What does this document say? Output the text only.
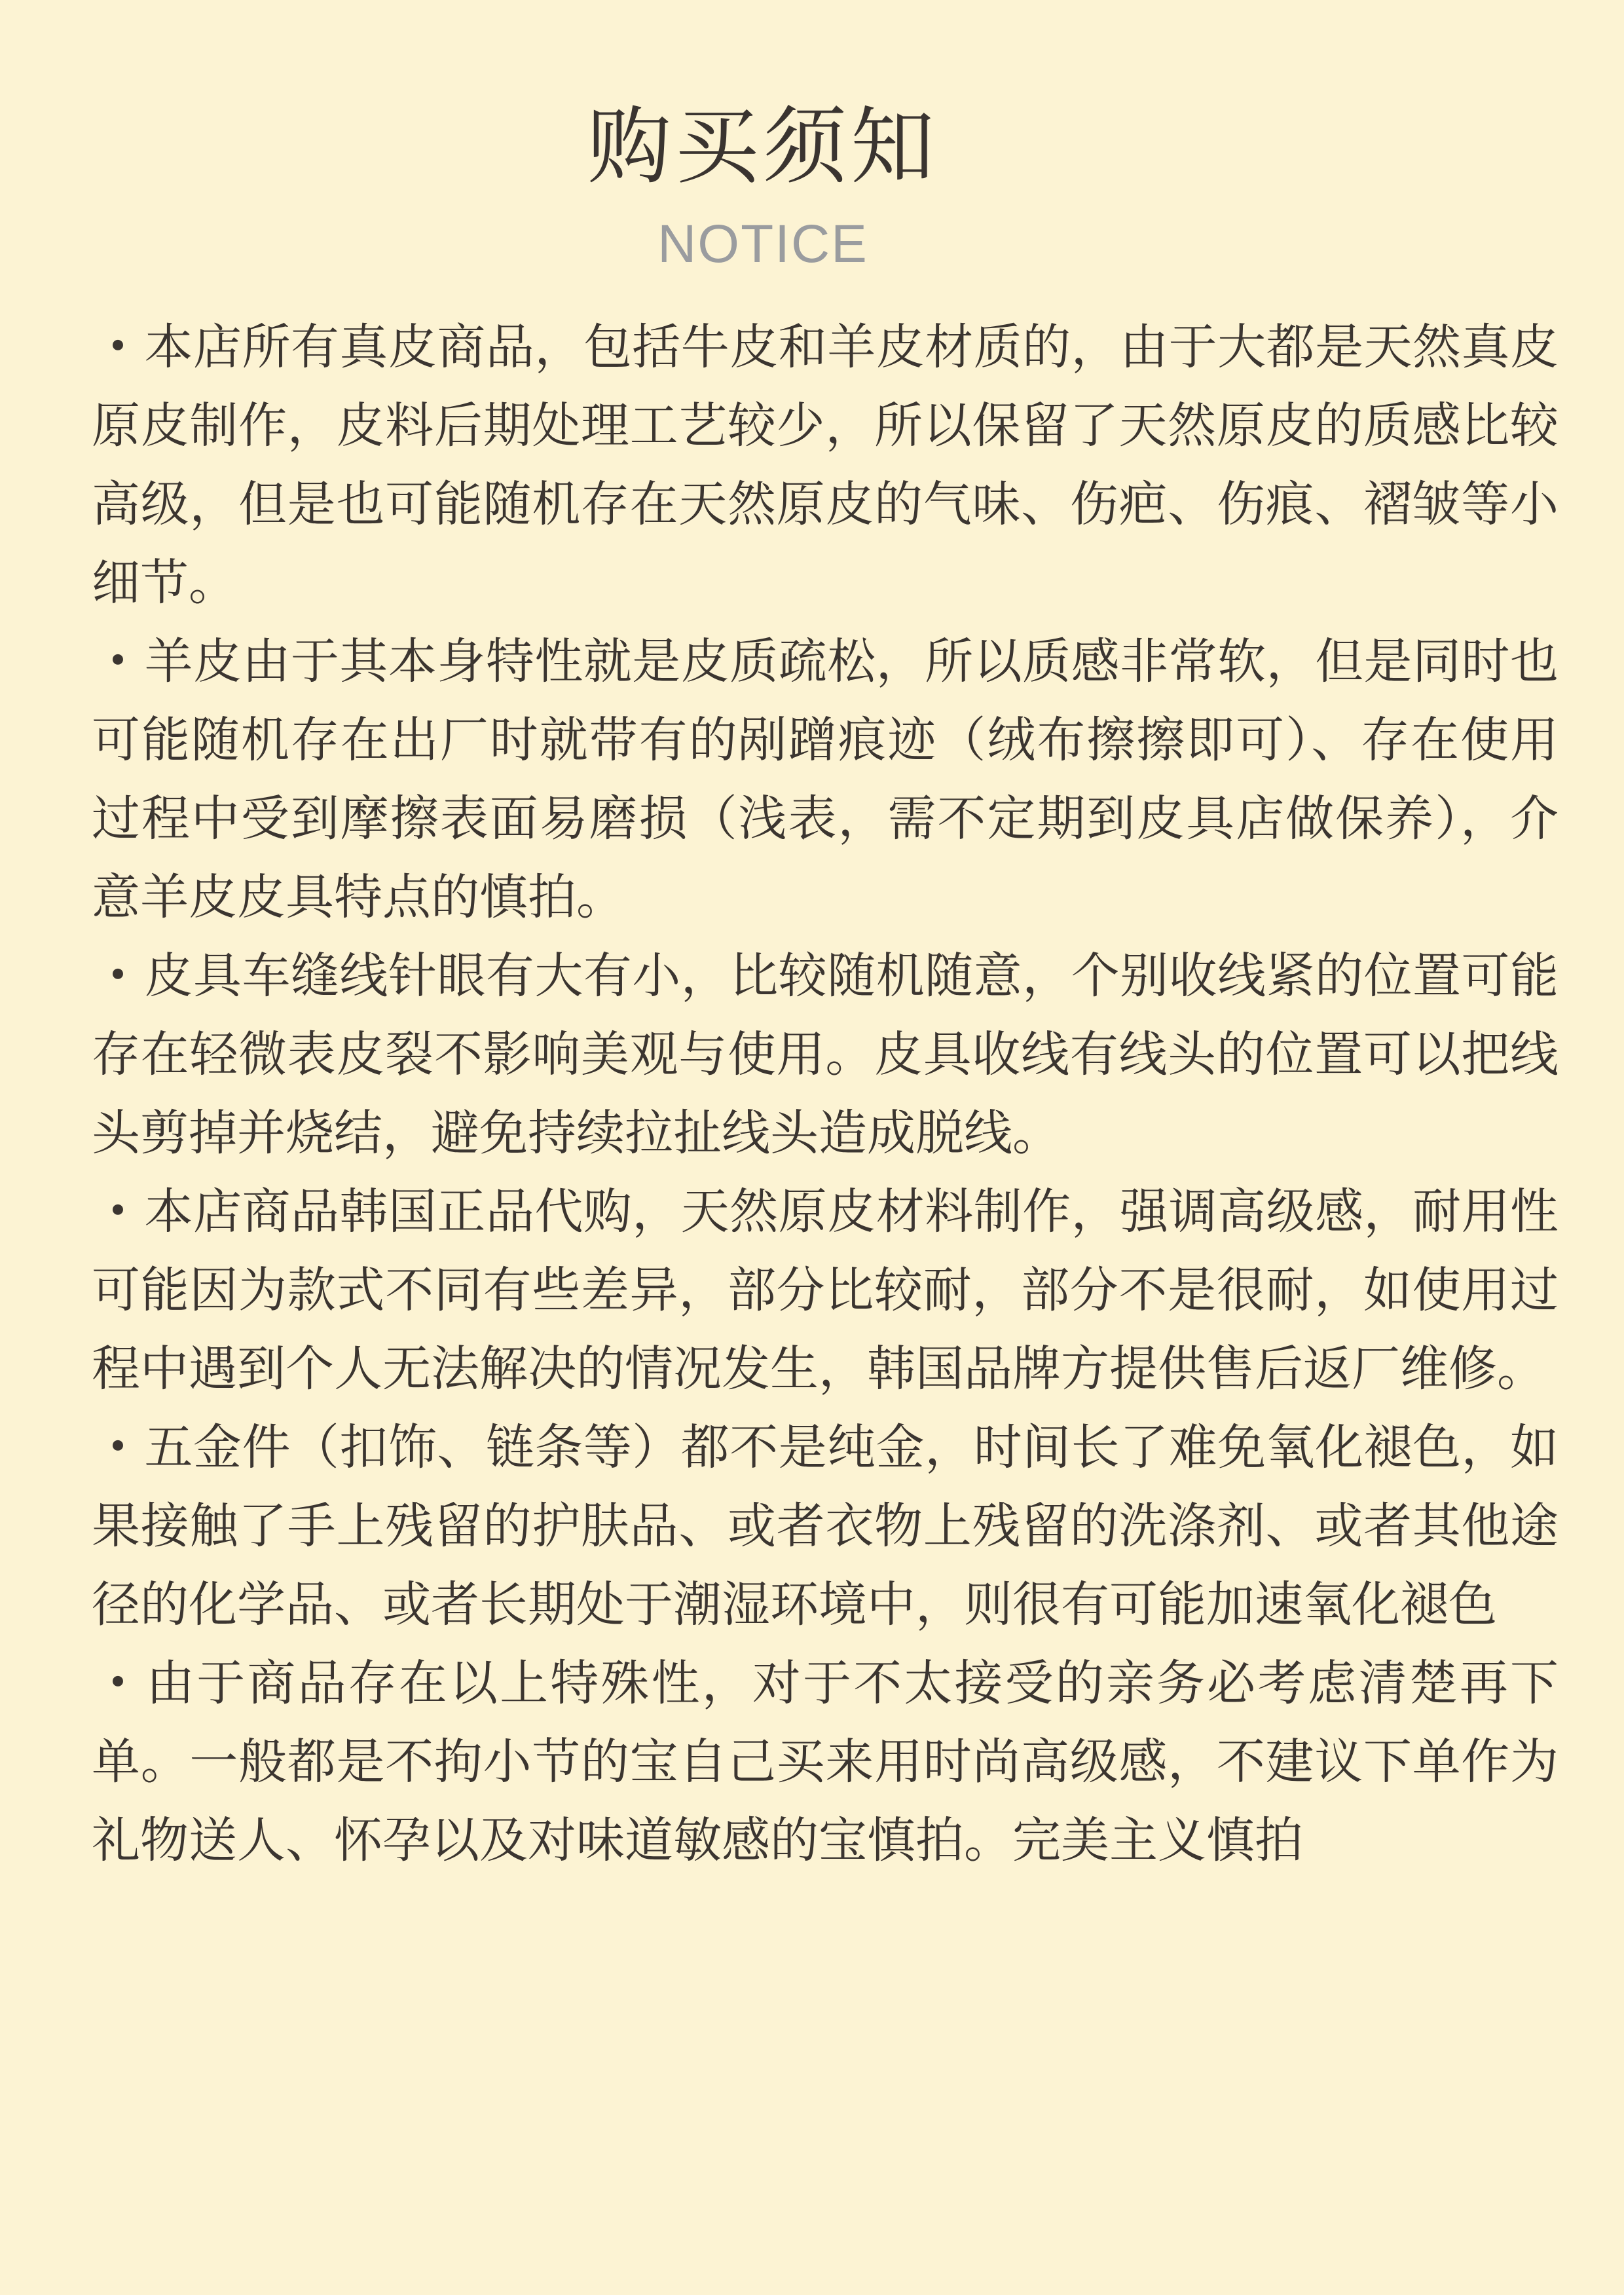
购买须知
NOTICE

・本店所有真皮商品，包括牛皮和羊皮材质的，由于大都是天然真皮原皮制作，皮料后期处理工艺较少，所以保留了天然原皮的质感比较高级，但是也可能随机存在天然原皮的气味、伤疤、伤痕、褶皱等小细节。

・羊皮由于其本身特性就是皮质疏松，所以质感非常软，但是同时也可能随机存在出厂时就带有的剐蹭痕迹（绒布擦擦即可）、存在使用过程中受到摩擦表面易磨损（浅表，需不定期到皮具店做保养），介意羊皮皮具特点的慎拍。

・皮具车缝线针眼有大有小，比较随机随意，个别收线紧的位置可能存在轻微表皮裂不影响美观与使用。皮具收线有线头的位置可以把线头剪掉并烧结，避免持续拉扯线头造成脱线。

・本店商品韩国正品代购，天然原皮材料制作，强调高级感，耐用性可能因为款式不同有些差异，部分比较耐，部分不是很耐，如使用过程中遇到个人无法解决的情况发生，韩国品牌方提供售后返厂维修。

・五金件（扣饰、链条等）都不是纯金，时间长了难免氧化褪色，如果接触了手上残留的护肤品、或者衣物上残留的洗涤剂、或者其他途径的化学品、或者长期处于潮湿环境中，则很有可能加速氧化褪色

・由于商品存在以上特殊性，对于不太接受的亲务必考虑清楚再下单。一般都是不拘小节的宝自己买来用时尚高级感，不建议下单作为礼物送人、怀孕以及对味道敏感的宝慎拍。完美主义慎拍
